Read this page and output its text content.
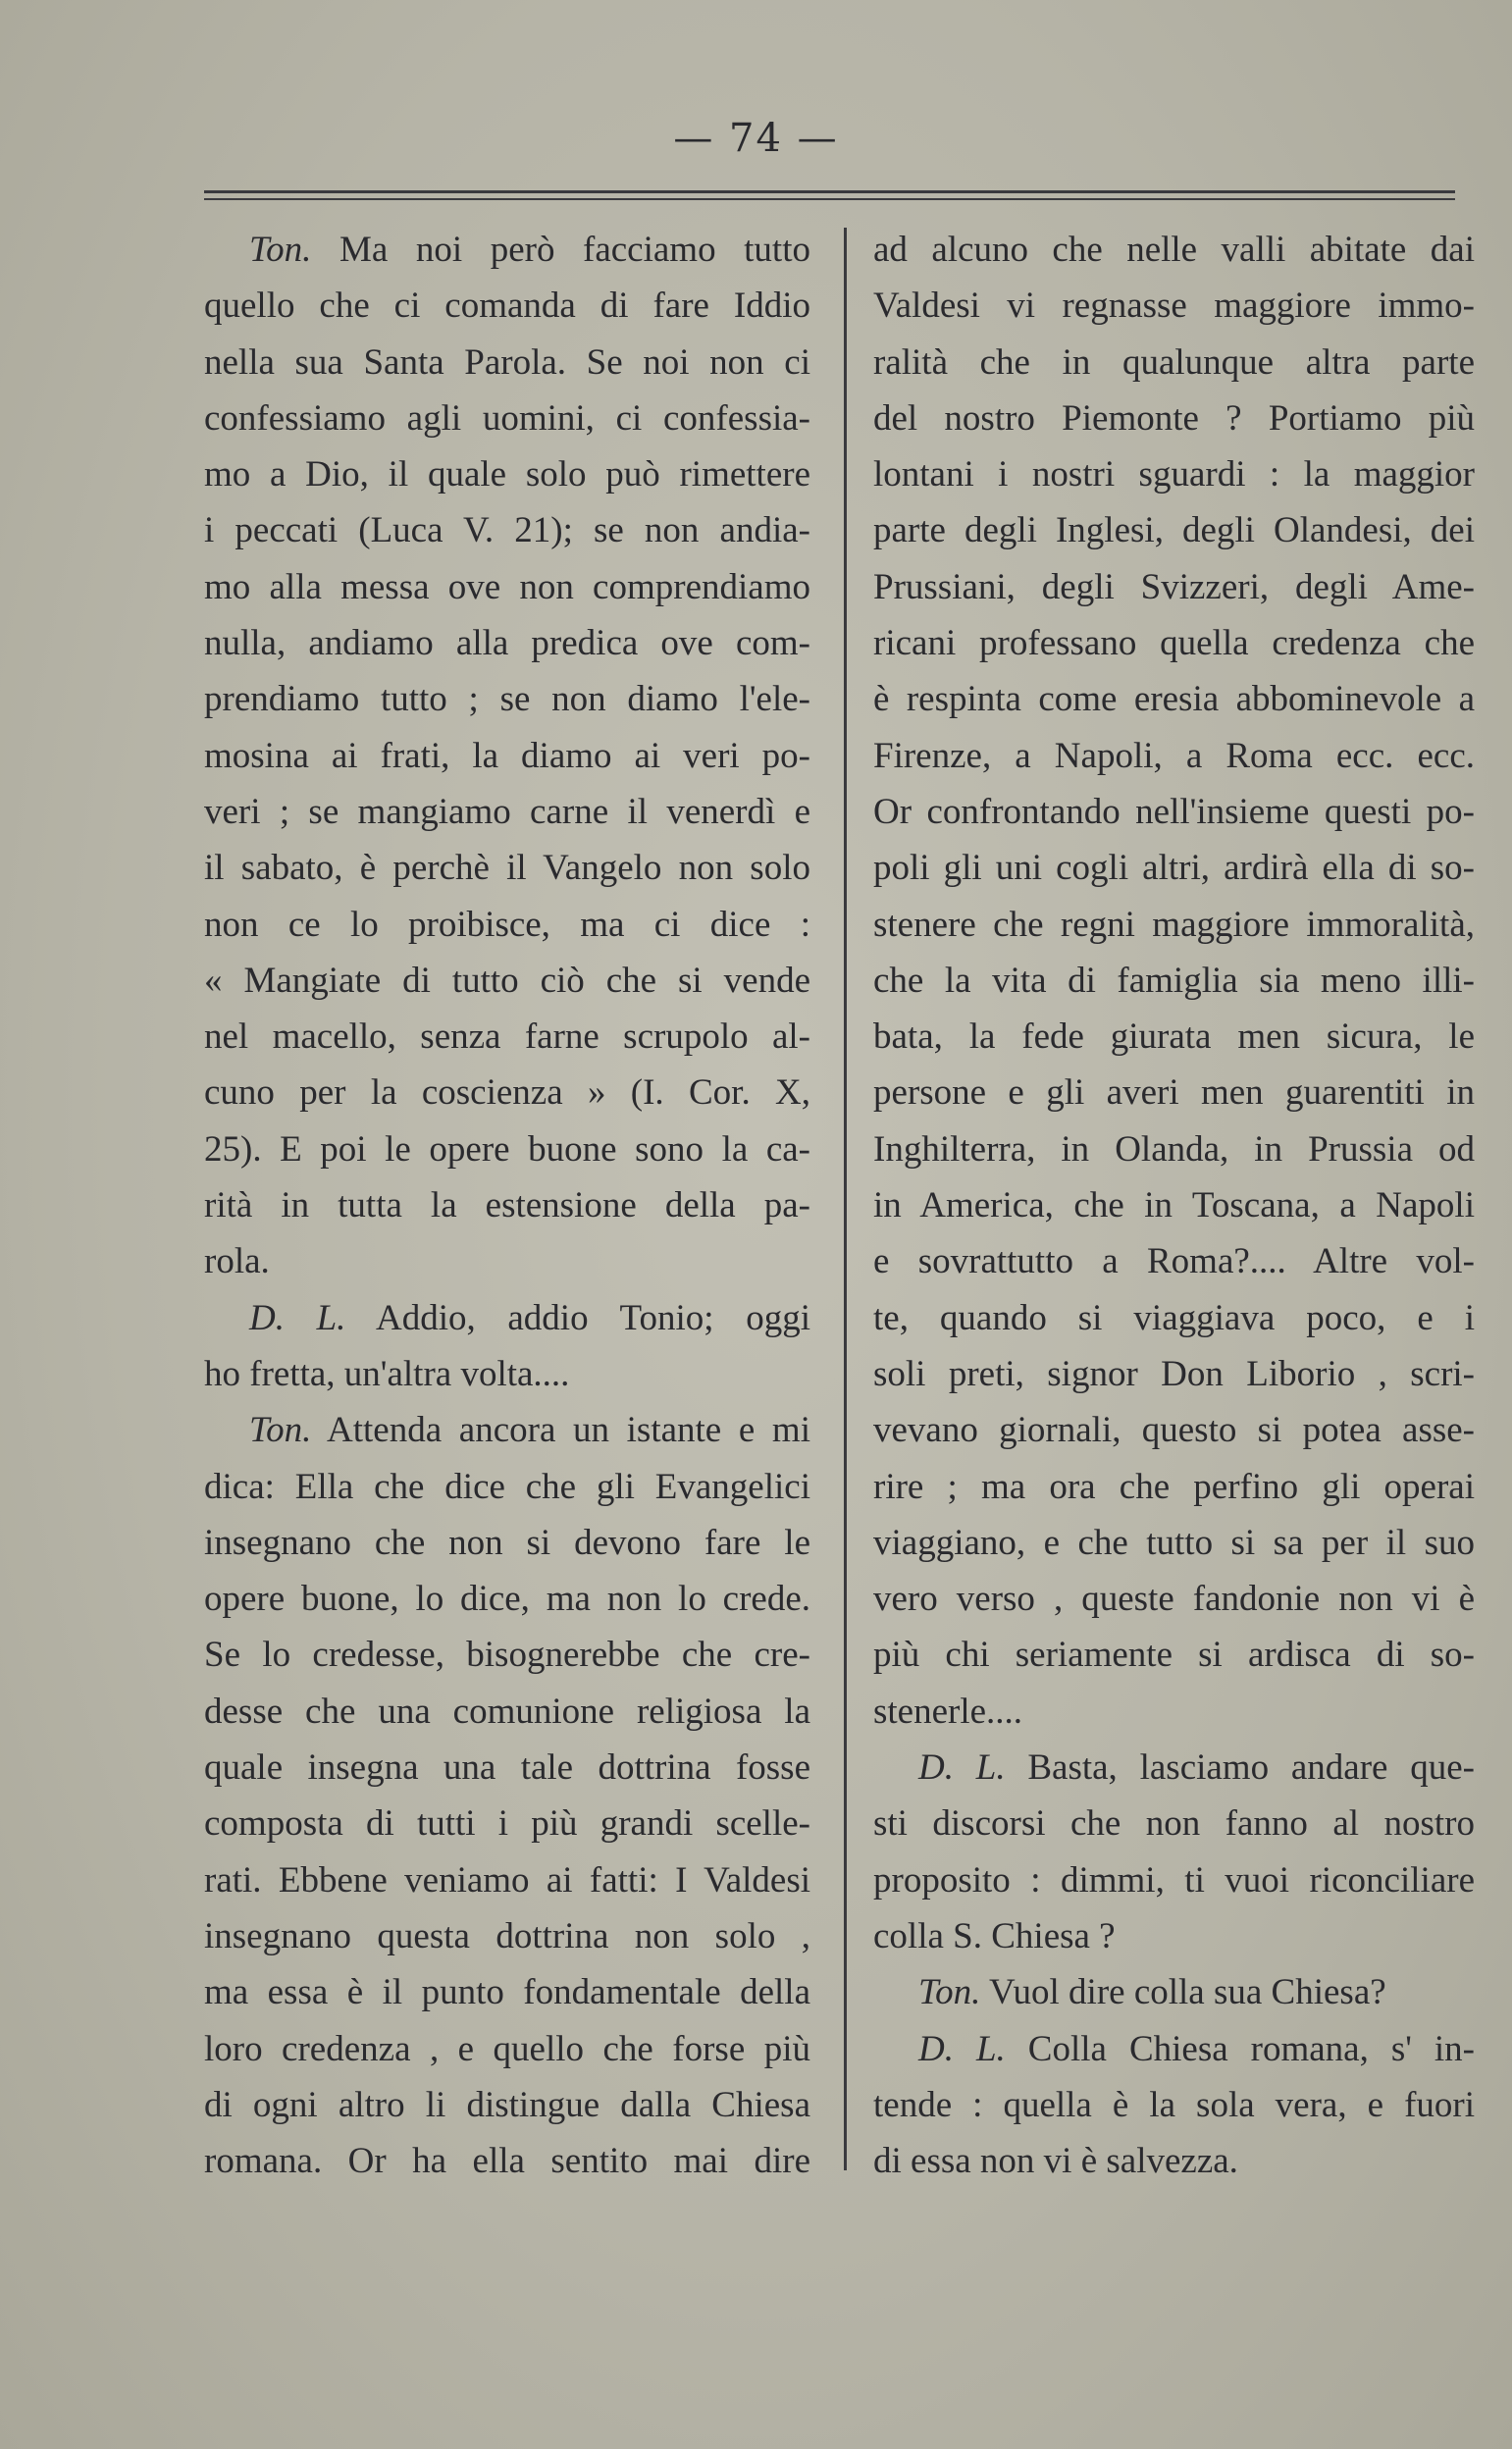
— 74 —
Ton. Ma noi però facciamo tutto
quello che ci comanda di fare Iddio
nella sua Santa Parola. Se noi non ci
confessiamo agli uomini, ci confessia-
mo a Dio, il quale solo può rimettere
i peccati (Luca V. 21); se non andia-
mo alla messa ove non comprendiamo
nulla, andiamo alla predica ove com-
prendiamo tutto ; se non diamo l'ele-
mosina ai frati, la diamo ai veri po-
veri ; se mangiamo carne il venerdì e
il sabato, è perchè il Vangelo non solo
non ce lo proibisce, ma ci dice :
« Mangiate di tutto ciò che si vende
nel macello, senza farne scrupolo al-
cuno per la coscienza » (I. Cor. X,
25). E poi le opere buone sono la ca-
rità in tutta la estensione della pa-
rola.
D. L. Addio, addio Tonio; oggi
ho fretta, un'altra volta....
Ton. Attenda ancora un istante e mi
dica: Ella che dice che gli Evangelici
insegnano che non si devono fare le
opere buone, lo dice, ma non lo crede.
Se lo credesse, bisognerebbe che cre-
desse che una comunione religiosa la
quale insegna una tale dottrina fosse
composta di tutti i più grandi scelle-
rati. Ebbene veniamo ai fatti: I Valdesi
insegnano questa dottrina non solo ,
ma essa è il punto fondamentale della
loro credenza , e quello che forse più
di ogni altro li distingue dalla Chiesa
romana. Or ha ella sentito mai dire
ad alcuno che nelle valli abitate dai
Valdesi vi regnasse maggiore immo-
ralità che in qualunque altra parte
del nostro Piemonte ? Portiamo più
lontani i nostri sguardi : la maggior
parte degli Inglesi, degli Olandesi, dei
Prussiani, degli Svizzeri, degli Ame-
ricani professano quella credenza che
è respinta come eresia abbominevole a
Firenze, a Napoli, a Roma ecc. ecc.
Or confrontando nell'insieme questi po-
poli gli uni cogli altri, ardirà ella di so-
stenere che regni maggiore immoralità,
che la vita di famiglia sia meno illi-
bata, la fede giurata men sicura, le
persone e gli averi men guarentiti in
Inghilterra, in Olanda, in Prussia od
in America, che in Toscana, a Napoli
e sovrattutto a Roma?.... Altre vol-
te, quando si viaggiava poco, e i
soli preti, signor Don Liborio , scri-
vevano giornali, questo si potea asse-
rire ; ma ora che perfino gli operai
viaggiano, e che tutto si sa per il suo
vero verso , queste fandonie non vi è
più chi seriamente si ardisca di so-
stenerle....
D. L. Basta, lasciamo andare que-
sti discorsi che non fanno al nostro
proposito : dimmi, ti vuoi riconciliare
colla S. Chiesa ?
Ton. Vuol dire colla sua Chiesa?
D. L. Colla Chiesa romana, s' in-
tende : quella è la sola vera, e fuori
di essa non vi è salvezza.
